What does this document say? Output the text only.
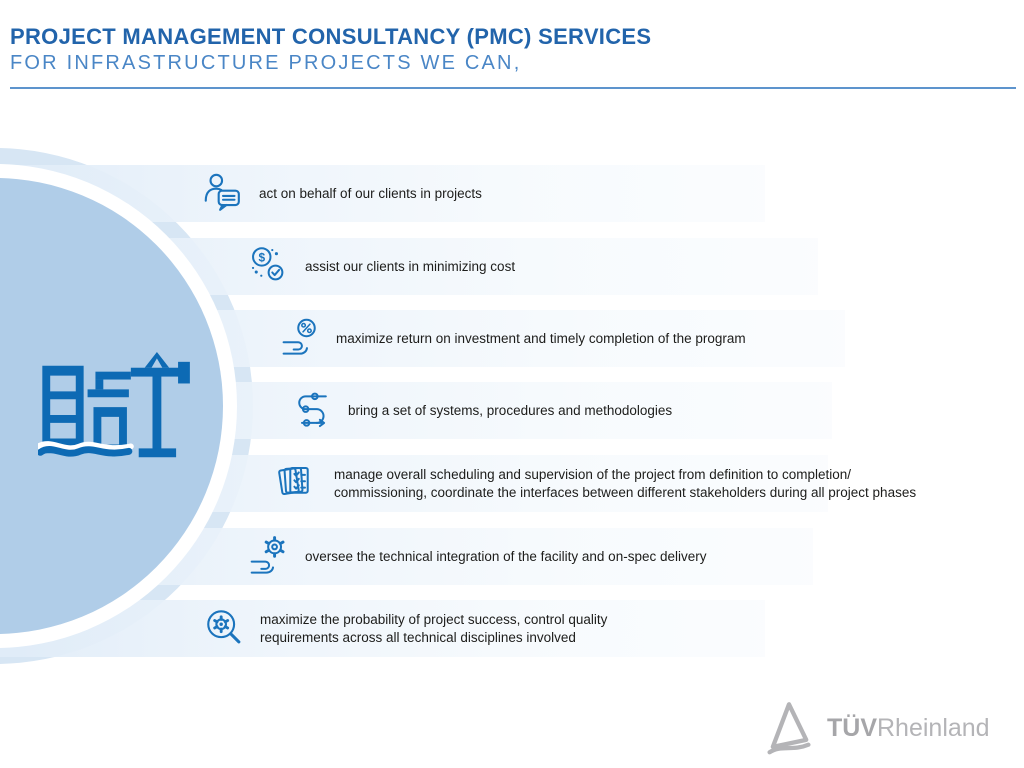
PROJECT MANAGEMENT CONSULTANCY (PMC) SERVICES
FOR INFRASTRUCTURE PROJECTS WE CAN,
act on behalf of our clients in projects
$
assist our clients in minimizing cost
maximize return on investment and timely completion of the program
bring a set of systems, procedures and methodologies
manage overall scheduling and supervision of the project from definition to completion/
commissioning, coordinate the interfaces between different stakeholders during all project phases
oversee the technical integration of the facility and on-spec delivery
maximize the probability of project success, control quality
requirements across all technical disciplines involved
TÜVRheinland
